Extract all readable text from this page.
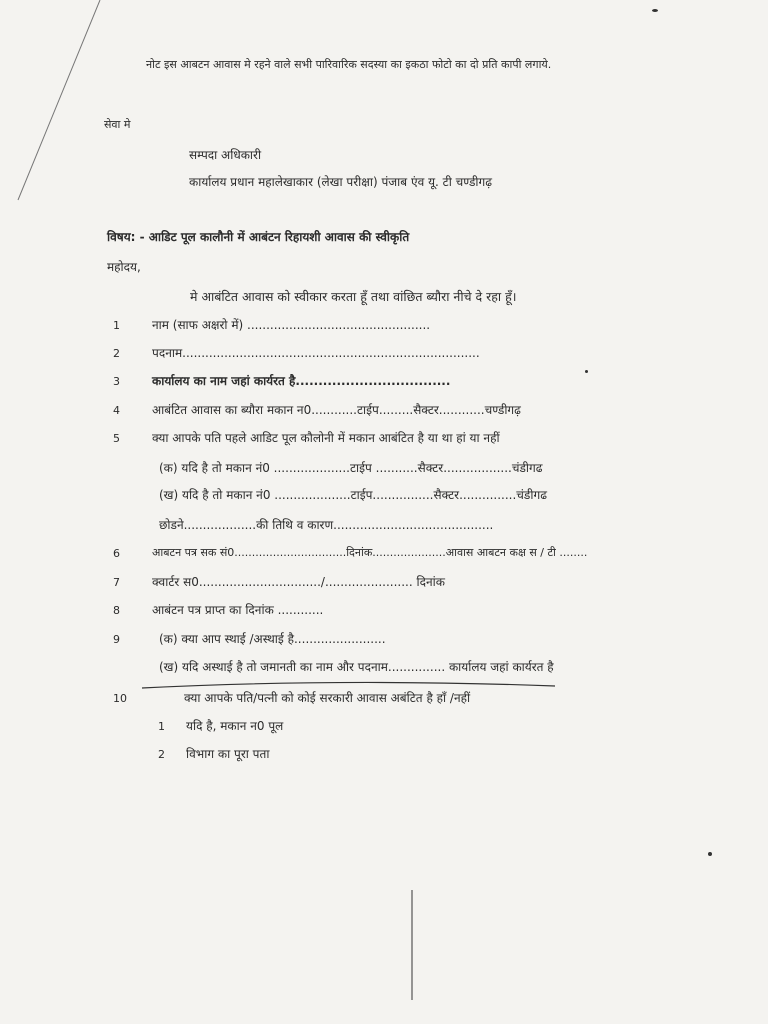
नोट इस आबटन आवास मे रहने वाले सभी पारिवारिक सदस्या का इकठा फोटो का दो प्रति कापी लगाये.
सेवा मे
सम्पदा अधिकारी
कार्यालय प्रधान महालेखाकार (लेखा परीक्षा) पंजाब एंव यू. टी चण्डीगढ़
विषय: - आडिट पूल कालौनी में आबंटन रिहायशी आवास की स्वीकृति
महोदय,
मे आबंटित आवास को स्वीकार करता हूँ तथा वांछित ब्यौरा नीचे दे रहा हूँ।
1	नाम (साफ अक्षरो में) ................................................
2	पदनाम..............................................................................
3	कार्यालय का नाम जहां कार्यरत है..................................
4	आबंटित आवास का ब्यौरा मकान न0............टाईप.........सैक्टर............चण्डीगढ़
5	क्या आपके पति पहले आडिट पूल कौलोनी में मकान आबंटित है या था हां या नहीं
(क) यदि है तो मकान नं0 ....................टाईप ...........सैक्टर..................चंडीगढ
(ख) यदि है तो मकान नं0 ....................टाईप................सैक्टर...............चंडीगढ
छोडने...................की तिथि व कारण..........................................
6	आबटन पत्र सक सं0................................दिनांक.....................आवास आबटन कक्ष स / टी ........
7	क्वार्टर स0................................/....................... दिनांक
8	आबंटन पत्र प्राप्त का दिनांक ............
9	(क) क्या आप स्थाई /अस्थाई है........................
(ख) यदि अस्थाई है तो जमानती का नाम और पदनाम............... कार्यालय जहां कार्यरत है
10	क्या आपके पति/पत्नी को कोई सरकारी आवास अबंटित है हाँ /नहीं
1 यदि है, मकान न0 पूल
2 विभाग का पूरा पता
